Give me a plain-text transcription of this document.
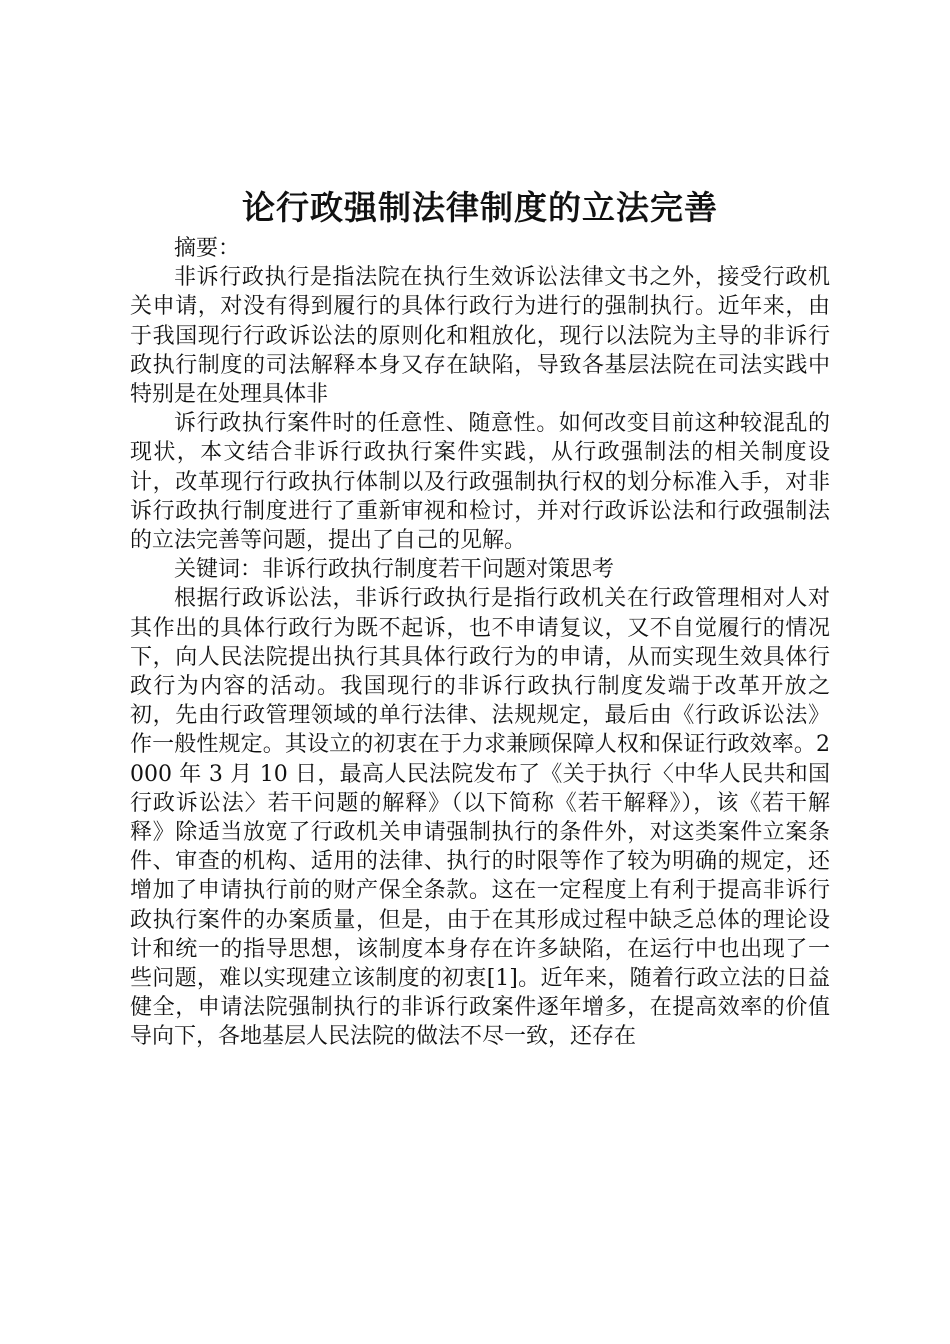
论行政强制法律制度的立法完善

摘要：

非诉行政执行是指法院在执行生效诉讼法律文书之外，接受行政机关申请，对没有得到履行的具体行政行为进行的强制执行。近年来，由于我国现行行政诉讼法的原则化和粗放化，现行以法院为主导的非诉行政执行制度的司法解释本身又存在缺陷，导致各基层法院在司法实践中特别是在处理具体非

诉行政执行案件时的任意性、随意性。如何改变目前这种较混乱的现状，本文结合非诉行政执行案件实践，从行政强制法的相关制度设计，改革现行行政执行体制以及行政强制执行权的划分标准入手，对非诉行政执行制度进行了重新审视和检讨，并对行政诉讼法和行政强制法的立法完善等问题，提出了自己的见解。

关键词：非诉行政执行制度若干问题对策思考

根据行政诉讼法，非诉行政执行是指行政机关在行政管理相对人对其作出的具体行政行为既不起诉，也不申请复议，又不自觉履行的情况下，向人民法院提出执行其具体行政行为的申请，从而实现生效具体行政行为内容的活动。我国现行的非诉行政执行制度发端于改革开放之初，先由行政管理领域的单行法律、法规规定，最后由《行政诉讼法》作一般性规定。其设立的初衷在于力求兼顾保障人权和保证行政效率。2000 年 3 月 10 日，最高人民法院发布了《关于执行〈中华人民共和国行政诉讼法〉若干问题的解释》（以下简称《若干解释》），该《若干解释》除适当放宽了行政机关申请强制执行的条件外，对这类案件立案条件、审查的机构、适用的法律、执行的时限等作了较为明确的规定，还增加了申请执行前的财产保全条款。这在一定程度上有利于提高非诉行政执行案件的办案质量，但是，由于在其形成过程中缺乏总体的理论设计和统一的指导思想，该制度本身存在许多缺陷，在运行中也出现了一些问题，难以实现建立该制度的初衷[1]。近年来，随着行政立法的日益健全，申请法院强制执行的非诉行政案件逐年增多，在提高效率的价值导向下，各地基层人民法院的做法不尽一致，还存在
